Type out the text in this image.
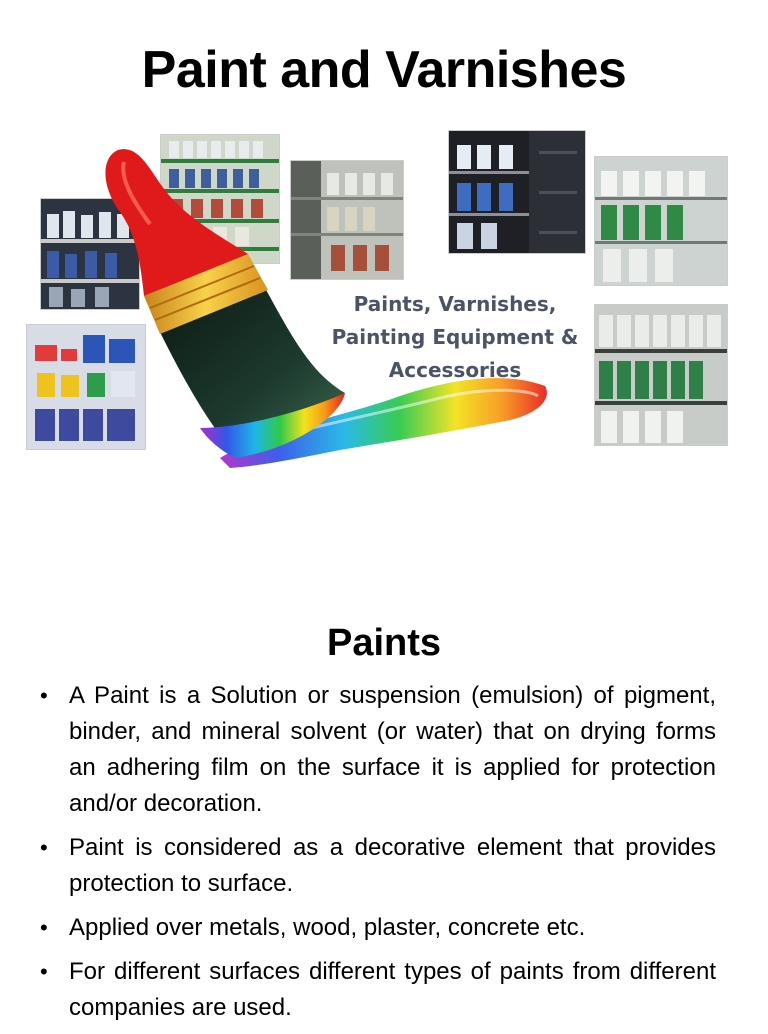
Paint and Varnishes
Paints, Varnishes,
Painting Equipment &
Accessories
Paints
• A Paint is a Solution or suspension (emulsion) of pigment, binder, and mineral solvent (or water) that on drying forms an adhering film on the surface it is applied for protection and/or decoration.
• Paint is considered as a decorative element that provides protection to surface.
• Applied over metals, wood, plaster, concrete etc.
• For different surfaces different types of paints from different companies are used.
